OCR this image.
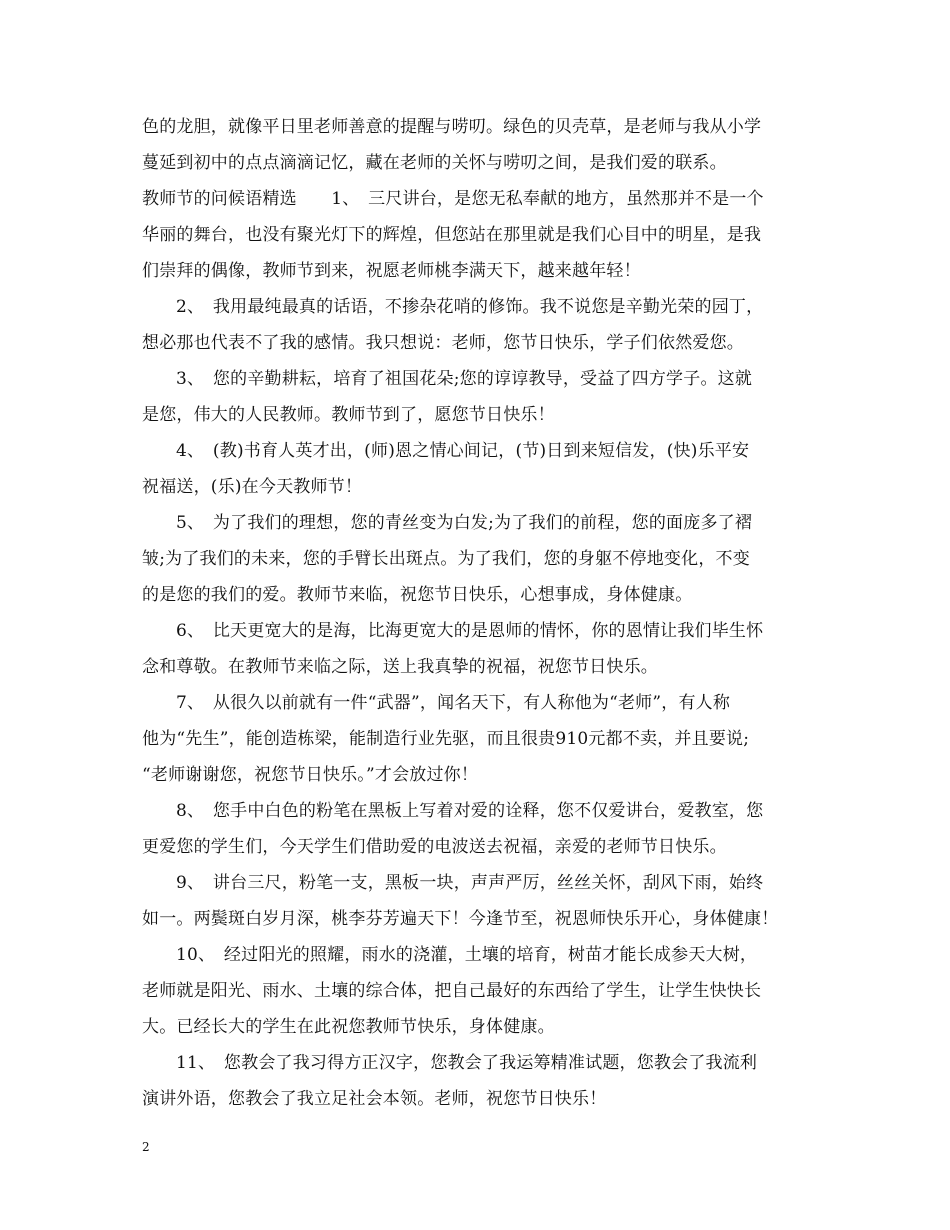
色的龙胆，就像平日里老师善意的提醒与唠叨。绿色的贝壳草，是老师与我从小学
蔓延到初中的点点滴滴记忆，藏在老师的关怀与唠叨之间，是我们爱的联系。
教师节的问候语精选　　1、　三尺讲台，是您无私奉献的地方，虽然那并不是一个
华丽的舞台，也没有聚光灯下的辉煌，但您站在那里就是我们心目中的明星，是我
们崇拜的偶像，教师节到来，祝愿老师桃李满天下，越来越年轻！
2、　我用最纯最真的话语，不掺杂花哨的修饰。我不说您是辛勤光荣的园丁，
想必那也代表不了我的感情。我只想说：老师，您节日快乐，学子们依然爱您。
3、　您的辛勤耕耘，培育了祖国花朵;您的谆谆教导，受益了四方学子。这就
是您，伟大的人民教师。教师节到了，愿您节日快乐！
4、　(教)书育人英才出，(师)恩之情心间记，(节)日到来短信发，(快)乐平安
祝福送，(乐)在今天教师节！
5、　为了我们的理想，您的青丝变为白发;为了我们的前程，您的面庞多了褶
皱;为了我们的未来，您的手臂长出斑点。为了我们，您的身躯不停地变化，不变
的是您的我们的爱。教师节来临，祝您节日快乐，心想事成，身体健康。
6、　比天更宽大的是海，比海更宽大的是恩师的情怀，你的恩情让我们毕生怀
念和尊敬。在教师节来临之际，送上我真挚的祝福，祝您节日快乐。
7、　从很久以前就有一件“武器”，闻名天下，有人称他为“老师”，有人称
他为“先生”，能创造栋梁，能制造行业先驱，而且很贵910元都不卖，并且要说;
“老师谢谢您，祝您节日快乐。”才会放过你！
8、　您手中白色的粉笔在黑板上写着对爱的诠释，您不仅爱讲台，爱教室，您
更爱您的学生们，今天学生们借助爱的电波送去祝福，亲爱的老师节日快乐。
9、　讲台三尺，粉笔一支，黑板一块，声声严厉，丝丝关怀，刮风下雨，始终
如一。两鬓斑白岁月深，桃李芬芳遍天下！今逢节至，祝恩师快乐开心，身体健康！
10、　经过阳光的照耀，雨水的浇灌，土壤的培育，树苗才能长成参天大树，
老师就是阳光、雨水、土壤的综合体，把自己最好的东西给了学生，让学生快快长
大。已经长大的学生在此祝您教师节快乐，身体健康。
11、　您教会了我习得方正汉字，您教会了我运筹精准试题，您教会了我流利
演讲外语，您教会了我立足社会本领。老师，祝您节日快乐！
2
